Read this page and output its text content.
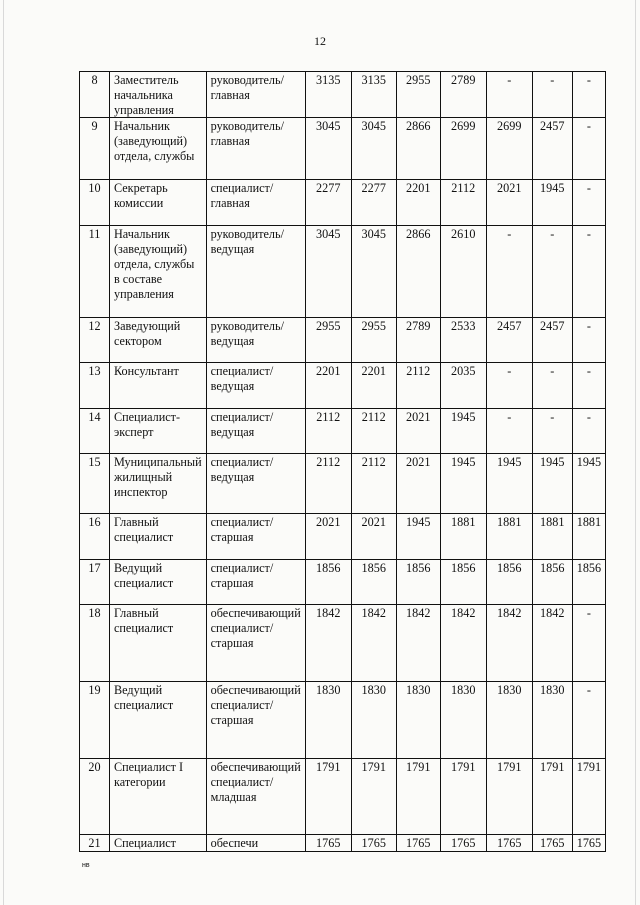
12
8	Заместитель начальника управления	руководитель/главная	3135	3135	2955	2789	-	-	-
9	Начальник (заведующий) отдела, службы	руководитель/главная	3045	3045	2866	2699	2699	2457	-
10	Секретарь комиссии	специалист/главная	2277	2277	2201	2112	2021	1945	-
11	Начальник (заведующий) отдела, службы в составе управления	руководитель/ведущая	3045	3045	2866	2610	-	-	-
12	Заведующий сектором	руководитель/ведущая	2955	2955	2789	2533	2457	2457	-
13	Консультант	специалист/ведущая	2201	2201	2112	2035	-	-	-
14	Специалист-эксперт	специалист/ведущая	2112	2112	2021	1945	-	-	-
15	Муниципальный жилищный инспектор	специалист/ведущая	2112	2112	2021	1945	1945	1945	1945
16	Главный специалист	специалист/старшая	2021	2021	1945	1881	1881	1881	1881
17	Ведущий специалист	специалист/старшая	1856	1856	1856	1856	1856	1856	1856
18	Главный специалист	обеспечивающий специалист/старшая	1842	1842	1842	1842	1842	1842	-
19	Ведущий специалист	обеспечивающий специалист/старшая	1830	1830	1830	1830	1830	1830	-
20	Специалист I категории	обеспечивающий специалист/младшая	1791	1791	1791	1791	1791	1791	1791
21	Специалист	обеспечи	1765	1765	1765	1765	1765	1765	1765
нв
